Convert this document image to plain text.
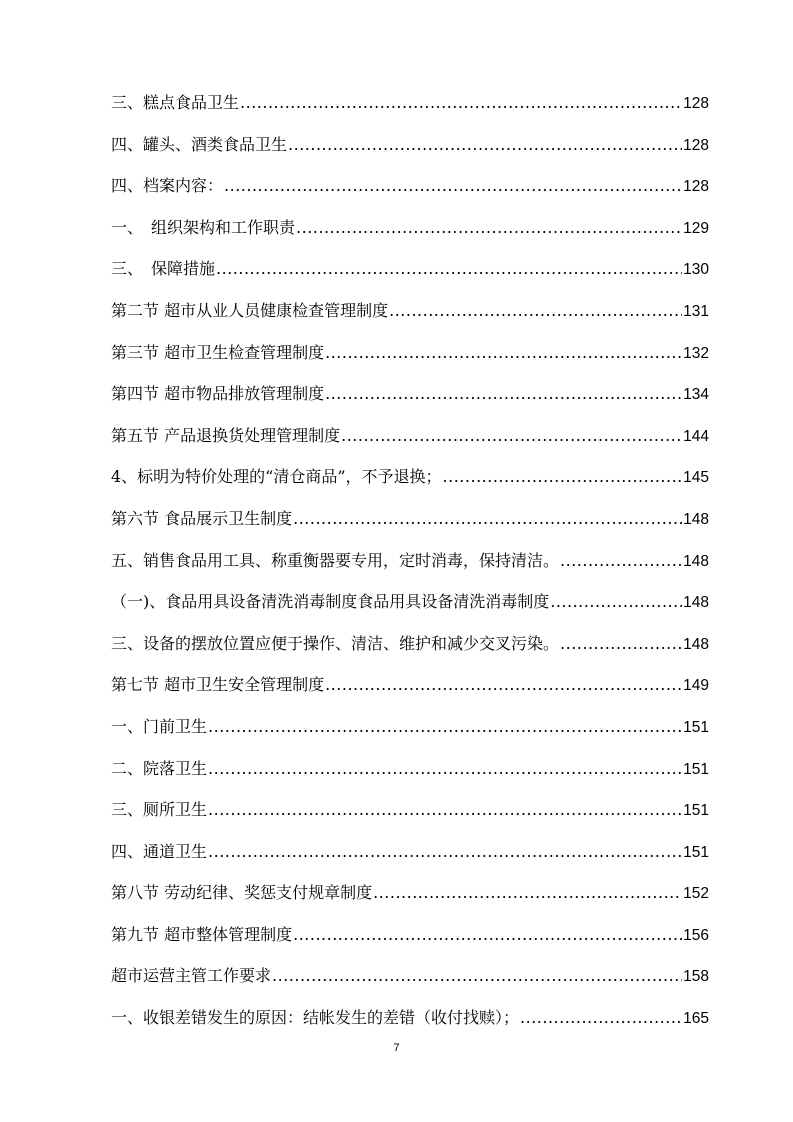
三、糕点食品卫生 .....	128
四、罐头、酒类食品卫生 .....	128
四、档案内容： .....	128
一、　组织架构和工作职责 .....	129
三、　保障措施 .....	130
第二节 超市从业人员健康检查管理制度 .....	131
第三节 超市卫生检查管理制度 .....	132
第四节 超市物品排放管理制度 .....	134
第五节 产品退换货处理管理制度 .....	144
4、标明为特价处理的“清仓商品”，不予退换； .....	145
第六节 食品展示卫生制度 .....	148
五、销售食品用工具、称重衡器要专用，定时消毒，保持清洁。 .....	148
（一)、食品用具设备清洗消毒制度食品用具设备清洗消毒制度 .....	148
三、设备的摆放位置应便于操作、清洁、维护和减少交叉污染。 .....	148
第七节 超市卫生安全管理制度 .....	149
一、门前卫生 .....	151
二、院落卫生 .....	151
三、厕所卫生 .....	151
四、通道卫生 .....	151
第八节 劳动纪律、奖惩支付规章制度 .....	152
第九节 超市整体管理制度 .....	156
超市运营主管工作要求 .....	158
一、收银差错发生的原因：结帐发生的差错（收付找赎）； .....	165
7
